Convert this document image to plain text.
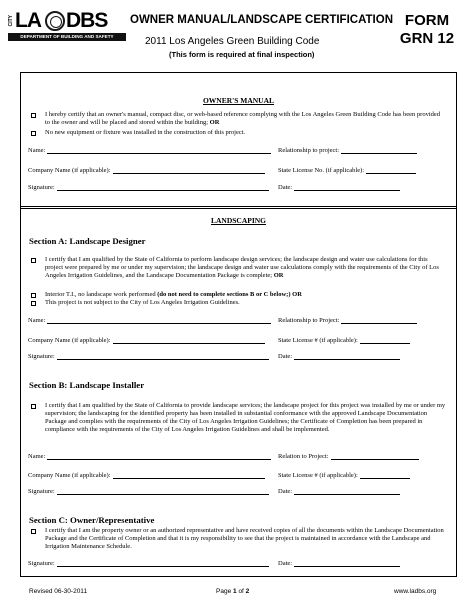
CITY LA DBS
DEPARTMENT OF BUILDING AND SAFETY
OWNER MANUAL/LANDSCAPE CERTIFICATION
2011 Los Angeles Green Building Code
(This form is required at final inspection)
FORM
GRN 12
OWNER'S MANUAL
I hereby certify that an owner's manual, compact disc, or web-based reference complying with the Los Angeles Green Building Code has been provided to the owner and will be placed and stored within the building; OR
No new equipment or fixture was installed in the construction of this project.
Name:	Relationship to project:
Company Name (if applicable):	State License No. (if applicable):
Signature:	Date:
LANDSCAPING
Section A: Landscape Designer
I certify that I am qualified by the State of California to perform landscape design services; the landscape design and water use calculations for this project were prepared by me or under my supervision; the landscape design and water use calculations comply with the requirements of the City of Los Angeles Irrigation Guidelines, and the Landscape Documentation Package is complete; OR
Interior T.I., no landscape work performed (do not need to complete sections B or C below;) OR
This project is not subject to the City of Los Angeles Irrigation Guidelines.
Name:	Relationship to Project:
Company Name (if applicable):	State License # (if applicable):
Signature:	Date:
Section B: Landscape Installer
I certify that I am qualified by the State of California to provide landscape services; the landscape project for this project was installed by me or under my supervision; the landscaping for the identified property has been installed in substantial conformance with the approved Landscape Documentation Package and complies with the requirements of the City of Los Angeles Irrigation Guidelines; the Certificate of Completion has been prepared in compliance with the requirements of the City of Los Angeles Irrigation Guidelines and shall be implemented.
Name:	Relation to Project:
Company Name (if applicable):	State License # (if applicable):
Signature:	Date:
Section C: Owner/Representative
I certify that I am the property owner or an authorized representative and have received copies of all the documents within the Landscape Documentation Package and the Certificate of Completion and that it is my responsibility to see that the project is maintained in accordance with the Landscape and Irrigation Maintenance Schedule.
Signature:	Date:
Revised 06-30-2011	Page 1 of 2	www.ladbs.org
